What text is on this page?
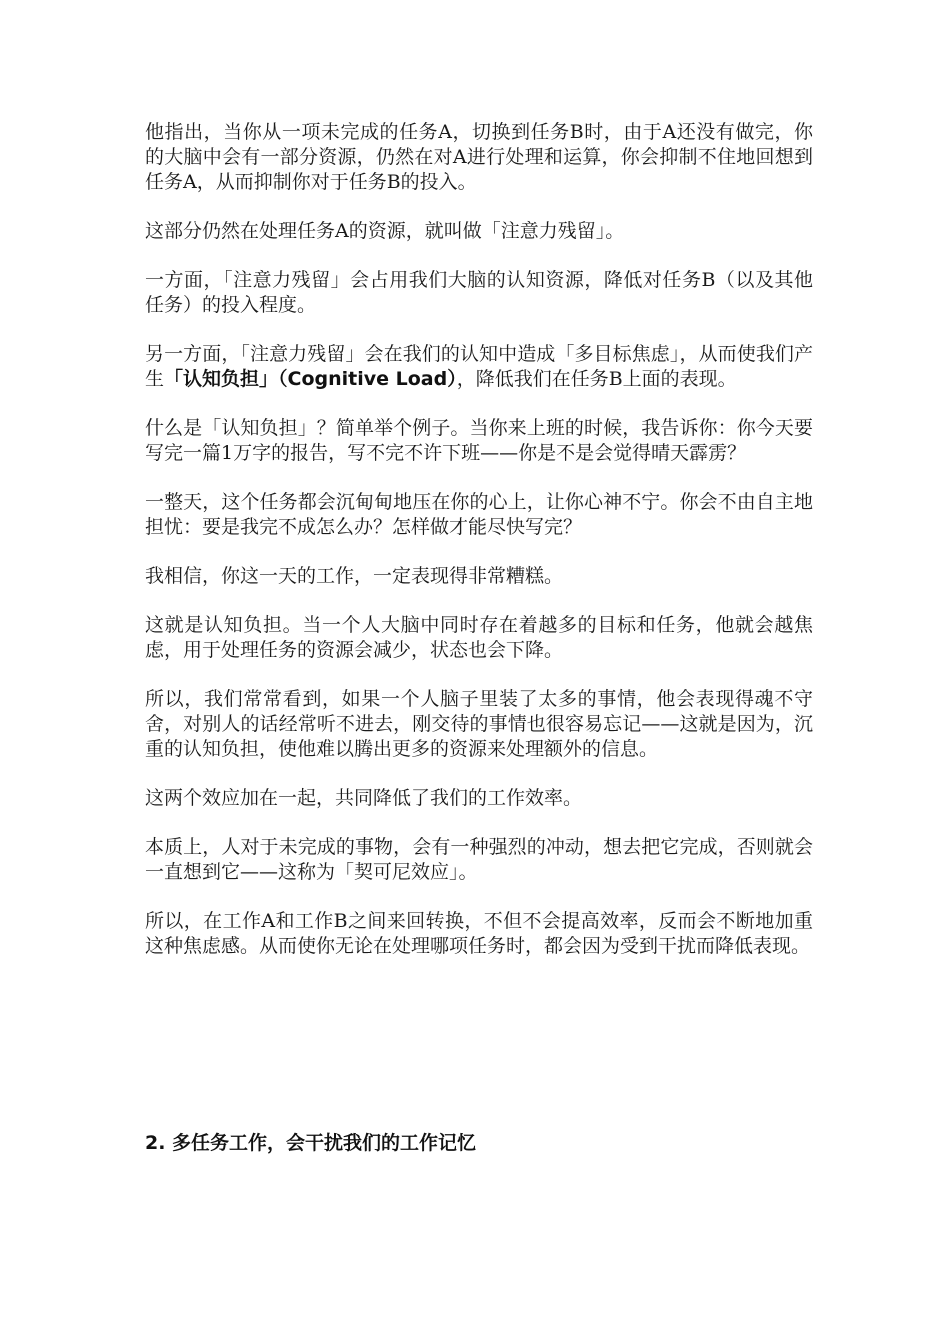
他指出，当你从一项未完成的任务A，切换到任务B时，由于A还没有做完，你的大脑中会有一部分资源，仍然在对A进行处理和运算，你会抑制不住地回想到任务A，从而抑制你对于任务B的投入。

这部分仍然在处理任务A的资源，就叫做「注意力残留」。

一方面，「注意力残留」会占用我们大脑的认知资源，降低对任务B（以及其他任务）的投入程度。

另一方面，「注意力残留」会在我们的认知中造成「多目标焦虑」，从而使我们产生「认知负担」（Cognitive Load），降低我们在任务B上面的表现。

什么是「认知负担」？简单举个例子。当你来上班的时候，我告诉你：你今天要写完一篇1万字的报告，写不完不许下班——你是不是会觉得晴天霹雳？

一整天，这个任务都会沉甸甸地压在你的心上，让你心神不宁。你会不由自主地担忧：要是我完不成怎么办？怎样做才能尽快写完？

我相信，你这一天的工作，一定表现得非常糟糕。

这就是认知负担。当一个人大脑中同时存在着越多的目标和任务，他就会越焦虑，用于处理任务的资源会减少，状态也会下降。

所以，我们常常看到，如果一个人脑子里装了太多的事情，他会表现得魂不守舍，对别人的话经常听不进去，刚交待的事情也很容易忘记——这就是因为，沉重的认知负担，使他难以腾出更多的资源来处理额外的信息。

这两个效应加在一起，共同降低了我们的工作效率。

本质上，人对于未完成的事物，会有一种强烈的冲动，想去把它完成，否则就会一直想到它——这称为「契可尼效应」。

所以，在工作A和工作B之间来回转换，不但不会提高效率，反而会不断地加重这种焦虑感。从而使你无论在处理哪项任务时，都会因为受到干扰而降低表现。

2. 多任务工作，会干扰我们的工作记忆
